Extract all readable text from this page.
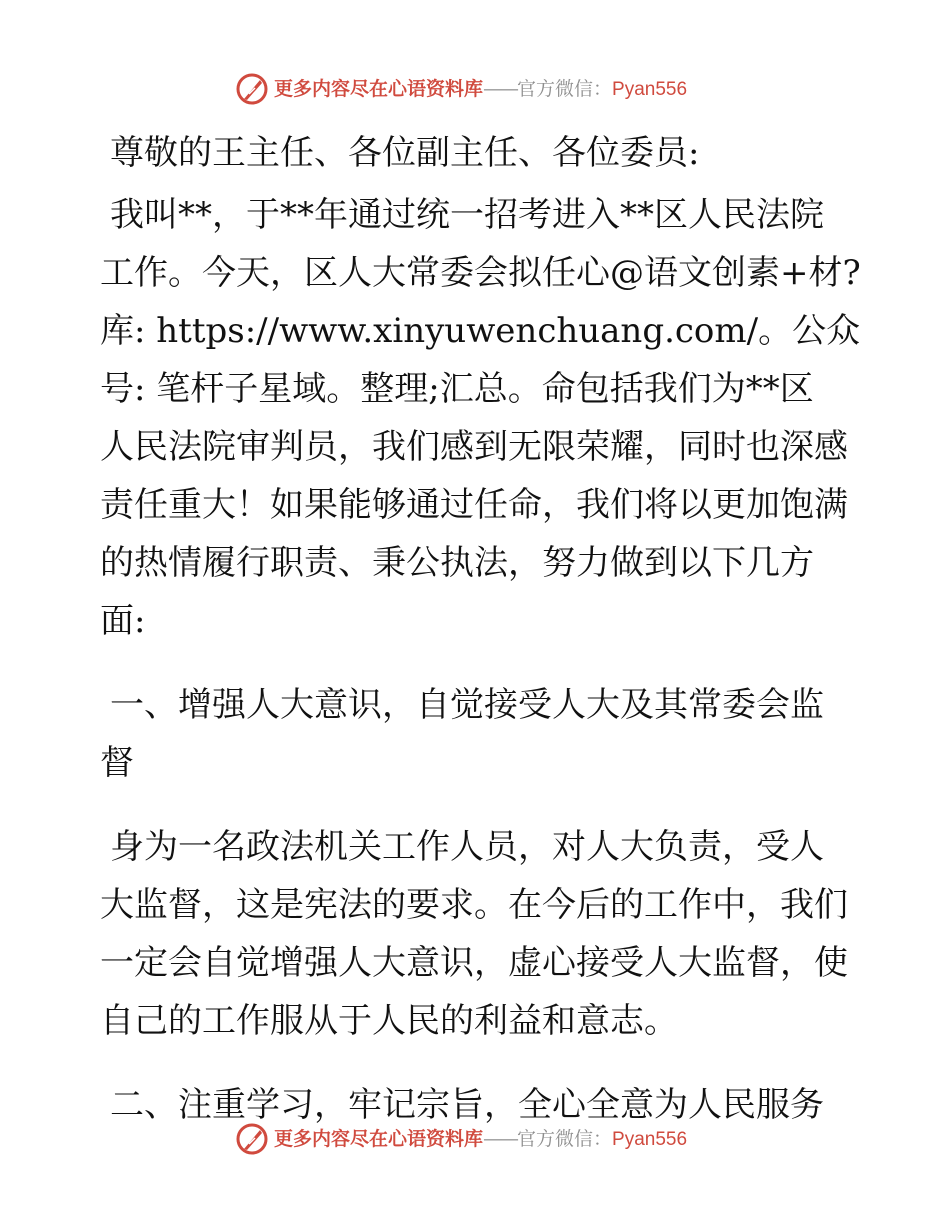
更多内容尽在心语资料库——官方微信：Pyan556

尊敬的王主任、各位副主任、各位委员:

我叫**，于**年通过统一招考进入**区人民法院
工作。今天，区人大常委会拟任心@语文创素+材?
库: https://www.xinyuwenchuang.com/。公众
号: 笔杆子星域。整理;汇总。命包括我们为**区
人民法院审判员，我们感到无限荣耀，同时也深感
责任重大！如果能够通过任命，我们将以更加饱满
的热情履行职责、秉公执法，努力做到以下几方
面:

一、增强人大意识，自觉接受人大及其常委会监
督

身为一名政法机关工作人员，对人大负责，受人
大监督，这是宪法的要求。在今后的工作中，我们
一定会自觉增强人大意识，虚心接受人大监督，使
自己的工作服从于人民的利益和意志。

二、注重学习，牢记宗旨，全心全意为人民服务

更多内容尽在心语资料库——官方微信：Pyan556
